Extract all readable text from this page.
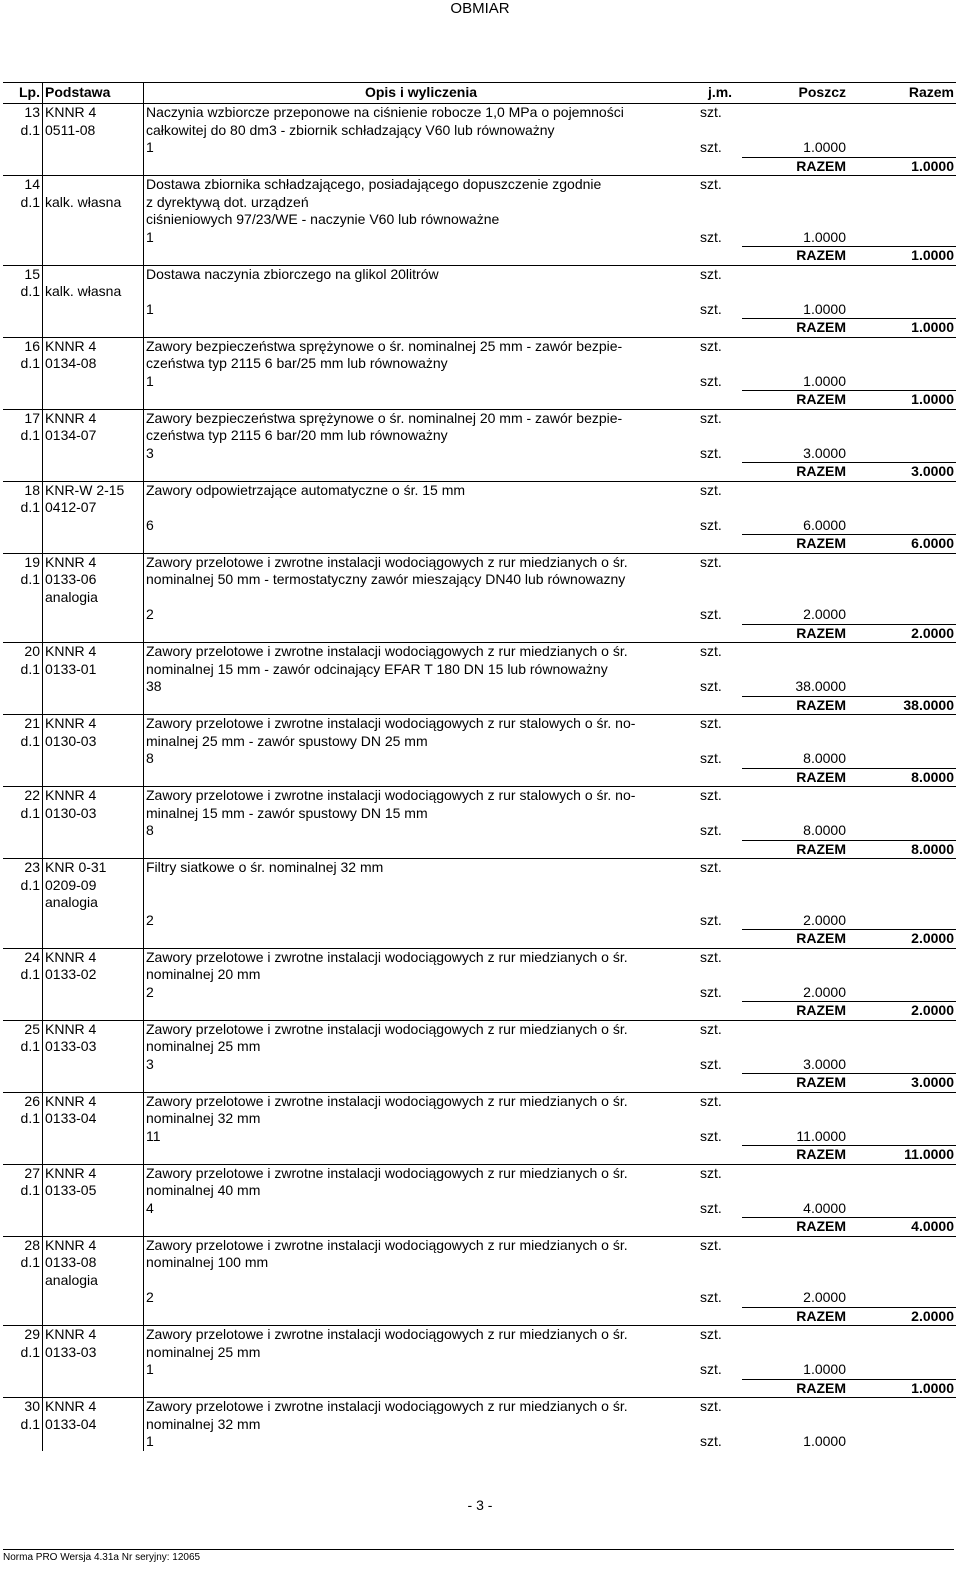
OBMIAR
Lp.	Podstawa	Opis i wyliczenia	j.m.	Poszcz	Razem
13	KNNR 4	Naczynia wzbiorcze przeponowe na ciśnienie robocze 1,0 MPa o pojemności	szt.		
d.1	0511-08	całkowitej do 80 dm3 - zbiornik schładzający V60 lub równoważny			
		1	szt.	1.0000	
				RAZEM	1.0000
14		Dostawa zbiornika schładzającego, posiadającego dopuszczenie zgodnie	szt.		
d.1	kalk. własna	z dyrektywą dot. urządzeń			
		ciśnieniowych 97/23/WE - naczynie V60 lub równoważne			
		1	szt.	1.0000	
				RAZEM	1.0000
15		Dostawa naczynia zbiorczego na glikol 20litrów	szt.		
d.1	kalk. własna				
		1	szt.	1.0000	
				RAZEM	1.0000
16	KNNR 4	Zawory bezpieczeństwa sprężynowe o śr. nominalnej 25 mm - zawór bezpie-	szt.		
d.1	0134-08	czeństwa typ 2115 6 bar/25 mm lub równoważny			
		1	szt.	1.0000	
				RAZEM	1.0000
17	KNNR 4	Zawory bezpieczeństwa sprężynowe o śr. nominalnej 20 mm - zawór bezpie-	szt.		
d.1	0134-07	czeństwa typ 2115 6 bar/20 mm lub równoważny			
		3	szt.	3.0000	
				RAZEM	3.0000
18	KNR-W 2-15	Zawory odpowietrzające automatyczne o śr. 15 mm	szt.		
d.1	0412-07				
		6	szt.	6.0000	
				RAZEM	6.0000
19	KNNR 4	Zawory przelotowe i zwrotne instalacji wodociągowych z rur miedzianych o śr.	szt.		
d.1	0133-06	nominalnej 50 mm - termostatyczny zawór mieszający DN40 lub równowazny			
	analogia				
		2	szt.	2.0000	
				RAZEM	2.0000
20	KNNR 4	Zawory przelotowe i zwrotne instalacji wodociągowych z rur miedzianych o śr.	szt.		
d.1	0133-01	nominalnej 15 mm - zawór odcinający EFAR T 180 DN 15 lub równoważny			
		38	szt.	38.0000	
				RAZEM	38.0000
21	KNNR 4	Zawory przelotowe i zwrotne instalacji wodociągowych z rur stalowych o śr. no-	szt.		
d.1	0130-03	minalnej 25 mm - zawór spustowy DN 25 mm			
		8	szt.	8.0000	
				RAZEM	8.0000
22	KNNR 4	Zawory przelotowe i zwrotne instalacji wodociągowych z rur stalowych o śr. no-	szt.		
d.1	0130-03	minalnej 15 mm - zawór spustowy DN 15 mm			
		8	szt.	8.0000	
				RAZEM	8.0000
23	KNR 0-31	Filtry siatkowe o śr. nominalnej 32 mm	szt.		
d.1	0209-09				
	analogia				
		2	szt.	2.0000	
				RAZEM	2.0000
24	KNNR 4	Zawory przelotowe i zwrotne instalacji wodociągowych z rur miedzianych o śr.	szt.		
d.1	0133-02	nominalnej 20 mm			
		2	szt.	2.0000	
				RAZEM	2.0000
25	KNNR 4	Zawory przelotowe i zwrotne instalacji wodociągowych z rur miedzianych o śr.	szt.		
d.1	0133-03	nominalnej 25 mm			
		3	szt.	3.0000	
				RAZEM	3.0000
26	KNNR 4	Zawory przelotowe i zwrotne instalacji wodociągowych z rur miedzianych o śr.	szt.		
d.1	0133-04	nominalnej 32 mm			
		11	szt.	11.0000	
				RAZEM	11.0000
27	KNNR 4	Zawory przelotowe i zwrotne instalacji wodociągowych z rur miedzianych o śr.	szt.		
d.1	0133-05	nominalnej 40 mm			
		4	szt.	4.0000	
				RAZEM	4.0000
28	KNNR 4	Zawory przelotowe i zwrotne instalacji wodociągowych z rur miedzianych o śr.	szt.		
d.1	0133-08	nominalnej 100 mm			
	analogia				
		2	szt.	2.0000	
				RAZEM	2.0000
29	KNNR 4	Zawory przelotowe i zwrotne instalacji wodociągowych z rur miedzianych o śr.	szt.		
d.1	0133-03	nominalnej 25 mm			
		1	szt.	1.0000	
				RAZEM	1.0000
30	KNNR 4	Zawory przelotowe i zwrotne instalacji wodociągowych z rur miedzianych o śr.	szt.		
d.1	0133-04	nominalnej 32 mm			
		1	szt.	1.0000	
- 3 -
Norma PRO Wersja 4.31a Nr seryjny: 12065
